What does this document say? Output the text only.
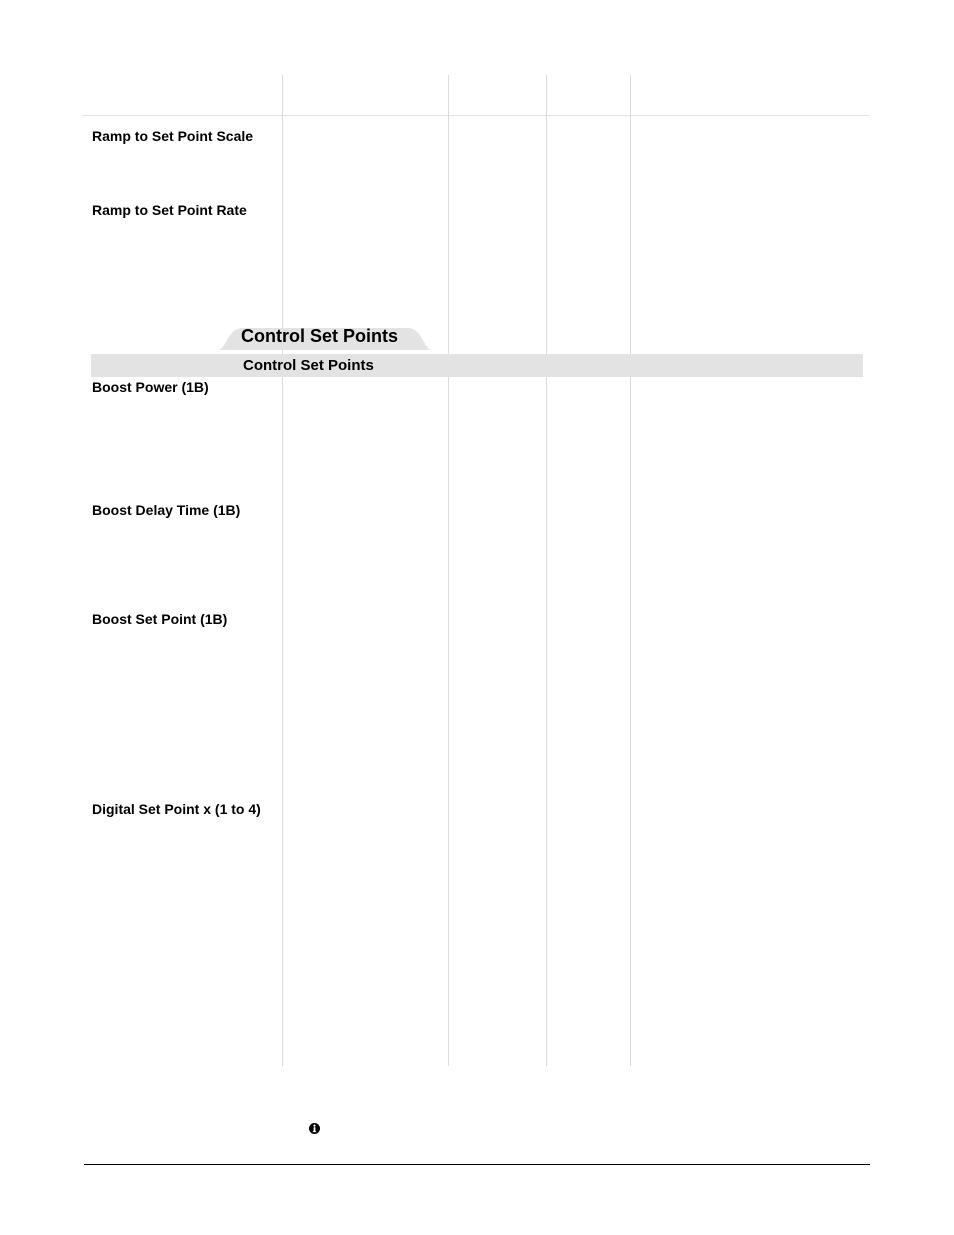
Ramp to Set Point Scale
Ramp to Set Point Rate
Control Set Points
Control Set Points
Boost Power (1B)
Boost Delay Time (1B)
Boost Set Point (1B)
Digital Set Point x (1 to 4)
